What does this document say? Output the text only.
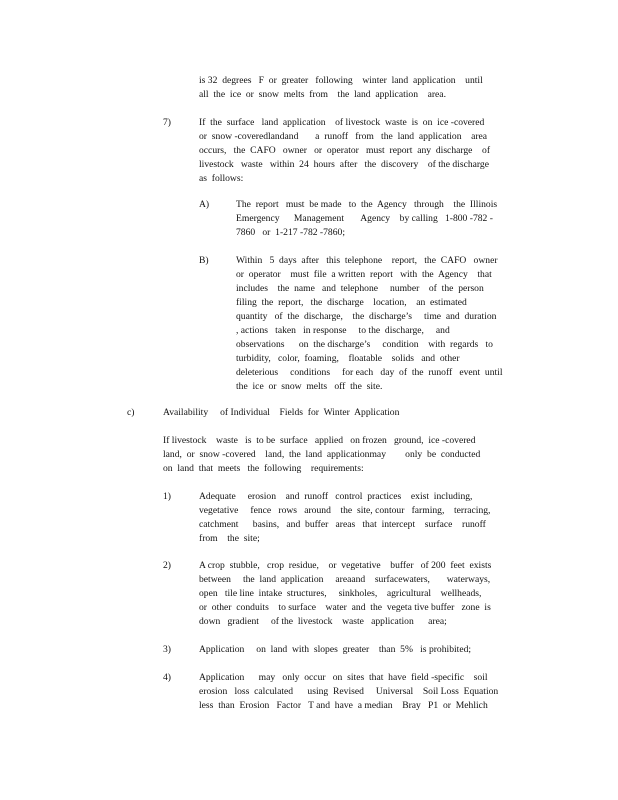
is 32  degrees   F  or  greater   following    winter  land  application    until
all  the  ice  or  snow  melts  from    the  land  application    area.
7)	If  the  surface   land  application    of livestock  waste  is  on  ice -covered
or  snow -coveredlandand       a  runoff   from   the  land  application    area
occurs,   the  CAFO   owner   or  operator   must  report  any  discharge    of
livestock   waste   within  24  hours  after   the  discovery    of the discharge
as  follows:
A)	The  report   must  be made   to  the  Agency   through    the  Illinois
Emergency      Management       Agency    by calling   1-800 -782 -
7860   or  1-217 -782 -7860;
B)	Within   5  days  after   this  telephone    report,   the  CAFO   owner
or  operator    must  file  a written  report   with  the  Agency    that
includes    the  name   and  telephone     number    of  the  person
filing  the  report,   the  discharge    location,    an  estimated
quantity   of  the  discharge,    the  discharge’s     time  and  duration
, actions   taken   in response     to the  discharge,     and
observations      on  the discharge’s     condition    with  regards   to
turbidity,   color,  foaming,    floatable    solids   and  other
deleterious     conditions     for each   day  of  the  runoff   event  until
the  ice  or  snow  melts   off  the  site.
c)	Availability     of Individual    Fields  for  Winter  Application
If livestock    waste   is  to be  surface   applied   on frozen   ground,  ice -covered
land,  or  snow -covered    land,  the  land  applicationmay        only  be  conducted
on  land  that  meets   the  following    requirements:
1)	Adequate     erosion    and  runoff   control  practices    exist  including,
vegetative     fence   rows   around    the  site, contour   farming,    terracing,
catchment      basins,   and  buffer   areas   that  intercept    surface    runoff
from    the  site;
2)	A crop  stubble,   crop  residue,    or  vegetative    buffer   of 200  feet  exists
between     the  land  application     areaand    surfacewaters,       waterways,
open   tile line  intake  structures,     sinkholes,    agricultural    wellheads,
or  other  conduits    to surface    water  and  the  vegeta tive buffer   zone  is
down   gradient     of the  livestock    waste   application      area;
3)	Application     on  land  with  slopes  greater    than  5%   is prohibited;
4)	Application      may   only  occur   on  sites  that  have  field -specific    soil
erosion   loss  calculated      using  Revised     Universal    Soil Loss  Equation
less  than  Erosion   Factor   T and  have  a median    Bray   P1  or  Mehlich
